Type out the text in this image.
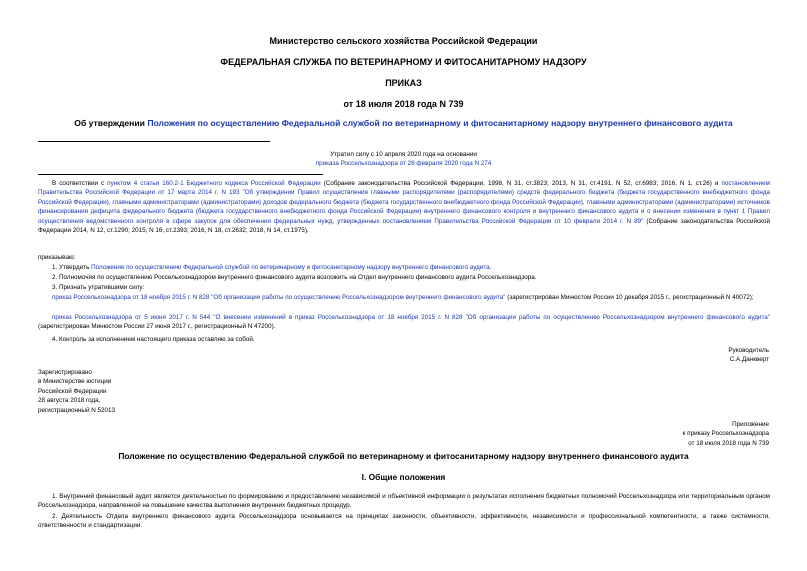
Министерство сельского хозяйства Российской Федерации
ФЕДЕРАЛЬНАЯ СЛУЖБА ПО ВЕТЕРИНАРНОМУ И ФИТОСАНИТАРНОМУ НАДЗОРУ
ПРИКАЗ
от 18 июля 2018 года N 739
Об утверждении Положения по осуществлению Федеральной службой по ветеринарному и фитосанитарному надзору внутреннего финансового аудита
Утратил силу с 10 апреля 2020 года на основании
приказа Россельхознадзора от 28 февраля 2020 года N 274
В соответствии с пунктом 4 статьи 160.2-1 Бюджетного кодекса Российской Федерации (Собрание законодательства Российской Федерации, 1998, N 31, ст.3823; 2013, N 31, ст.4191, N 52, ст.6983; 2016, N 1, ст.26) и постановлением Правительства Российской Федерации от 17 марта 2014 г. N 193 "Об утверждении Правил осуществления главными распорядителями (распорядителями) средств федерального бюджета (бюджета государственного внебюджетного фонда Российской Федерации), главными администраторами (администраторами) доходов федерального бюджета (бюджета государственного внебюджетного фонда Российской Федерации), главными администраторами (администраторами) источников финансирования дефицита федерального бюджета (бюджета государственного внебюджетного фонда Российской Федерации) внутреннего финансового контроля и внутреннего финансового аудита и о внесении изменения в пункт 1 Правил осуществления ведомственного контроля в сфере закупок для обеспечения федеральных нужд, утвержденных постановлением Правительства Российской Федерации от 10 февраля 2014 г. N 89" (Собрание законодательства Российской Федерации 2014, N 12, ст.1290; 2015, N 16, ст.2393; 2016, N 18, ст.2632; 2018, N 14, ст.1975),
приказываю:
1. Утвердить Положение по осуществлению Федеральной службой по ветеринарному и фитосанитарному надзору внутреннего финансового аудита.
2. Полномочия по осуществлению Россельхознадзором внутреннего финансового аудита возложить на Отдел внутреннего финансового аудита Россельхознадзора.
3. Признать утратившими силу:
приказ Россельхознадзора от 18 ноября 2015 г. N 828 "Об организации работы по осуществлению Россельхознадзором внутреннего финансового аудита" (зарегистрирован Минюстом России 10 декабря 2015 г., регистрационный N 40072);
приказ Россельхознадзора от 5 июня 2017 г. N 544 "О внесении изменений в приказ Россельхознадзора от 18 ноября 2015 г. N 828 "Об организации работы по осуществлению Россельхознадзором внутреннего финансового аудита" (зарегистрирован Минюстом России 27 июня 2017 г., регистрационный N 47200).
4. Контроль за исполнением настоящего приказа оставляю за собой.
Руководитель
С.А.Данкверт
Зарегистрировано
в Министерстве юстиции
Российской Федерации
28 августа 2018 года,
регистрационный N 52013
Приложение
к приказу Россельхознадзора
от 18 июля 2018 года N 739
Положение по осуществлению Федеральной службой по ветеринарному и фитосанитарному надзору внутреннего финансового аудита
I. Общие положения
1. Внутренний финансовый аудит является деятельностью по формированию и предоставлению независимой и объективной информации о результатах исполнения бюджетных полномочий Россельхознадзора или территориальным органом Россельхознадзора, направленной на повышение качества выполнения внутренних бюджетных процедур.
2. Деятельность Отдела внутреннего финансового аудита Россельхознадзора основывается на принципах законности, объективности, эффективности, независимости и профессиональной компетентности, а также системности, ответственности и стандартизации.
